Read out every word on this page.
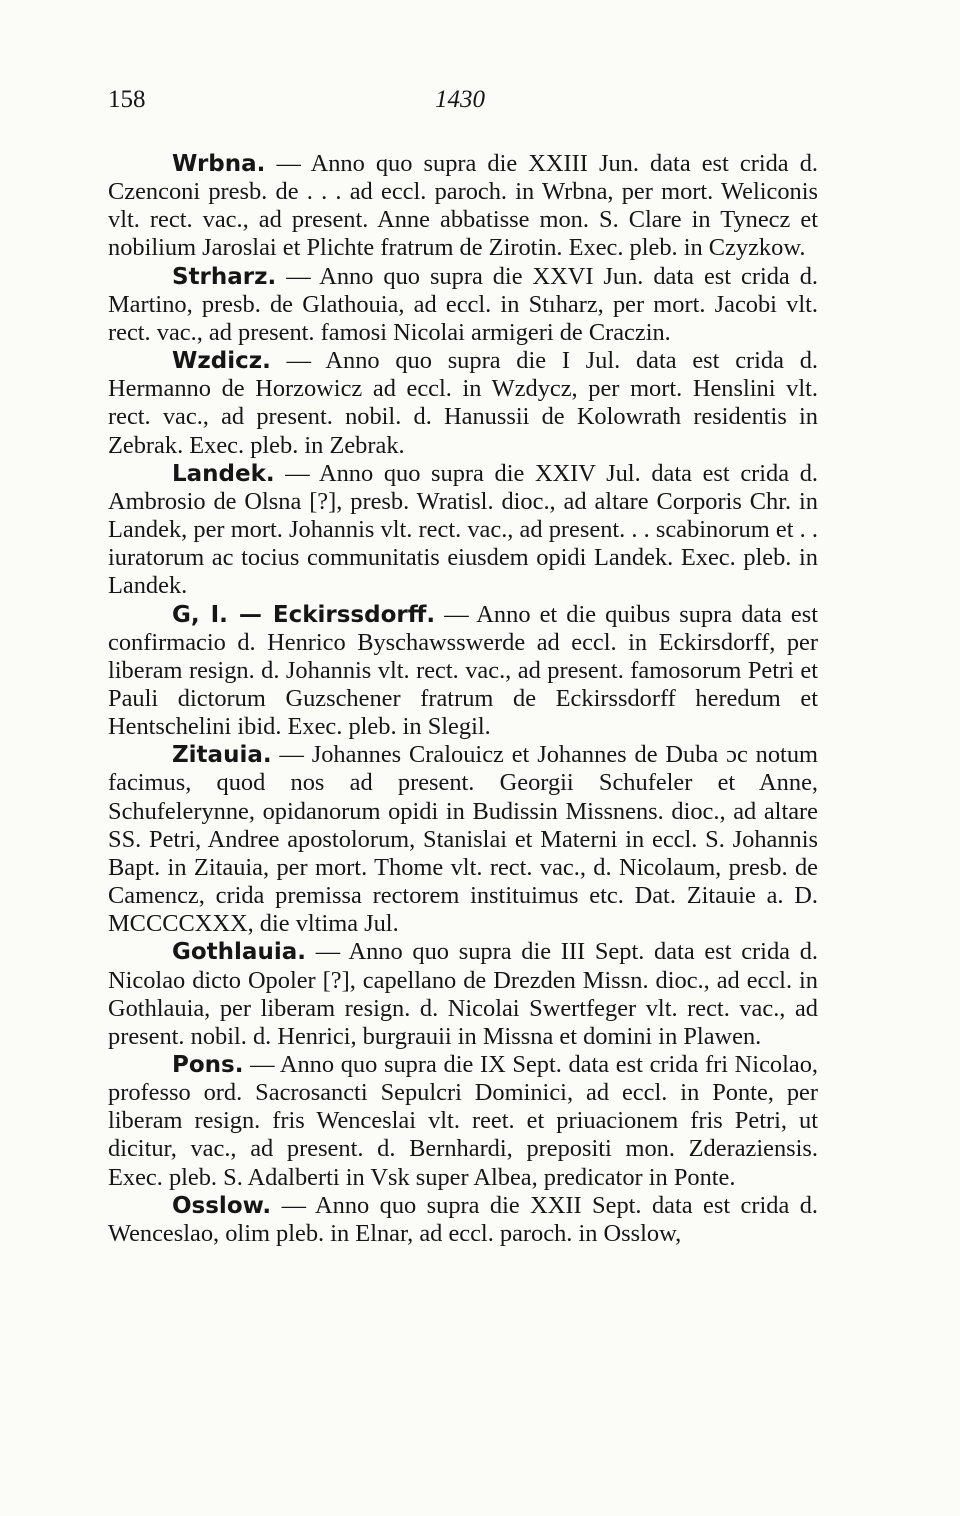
158	1430

Wrbna. — Anno quo supra die XXIII Jun. data est crida d. Czenconi presb. de . . . ad eccl. paroch. in Wrbna, per mort. Weliconis vlt. rect. vac., ad present. Anne abbatisse mon. S. Clare in Tynecz et nobilium Jaroslai et Plichte fratrum de Zirotin. Exec. pleb. in Czyzkow.

Strharz. — Anno quo supra die XXVI Jun. data est crida d. Martino, presb. de Glathouia, ad eccl. in Stıharz, per mort. Jacobi vlt. rect. vac., ad present. famosi Nicolai armigeri de Craczin.

Wzdicz. — Anno quo supra die I Jul. data est crida d. Hermanno de Horzowicz ad eccl. in Wzdycz, per mort. Henslini vlt. rect. vac., ad present. nobil. d. Hanussii de Kolowrath residentis in Zebrak. Exec. pleb. in Zebrak.

Landek. — Anno quo supra die XXIV Jul. data est crida d. Ambrosio de Olsna [?], presb. Wratisl. dioc., ad altare Corporis Chr. in Landek, per mort. Johannis vlt. rect. vac., ad present. . . scabinorum et . . iuratorum ac tocius communitatis eiusdem opidi Landek. Exec. pleb. in Landek.

G, I. — Eckirssdorff. — Anno et die quibus supra data est confirmacio d. Henrico Byschawsswerde ad eccl. in Eckirsdorff, per liberam resign. d. Johannis vlt. rect. vac., ad present. famosorum Petri et Pauli dictorum Guzschener fratrum de Eckirssdorff heredum et Hentschelini ibid. Exec. pleb. in Slegil.

Zitauia. — Johannes Cralouicz et Johannes de Duba ɔc notum facimus, quod nos ad present. Georgii Schufeler et Anne, Schufelerynne, opidanorum opidi in Budissin Missnens. dioc., ad altare SS. Petri, Andree apostolorum, Stanislai et Materni in eccl. S. Johannis Bapt. in Zitauia, per mort. Thome vlt. rect. vac., d. Nicolaum, presb. de Camencz, crida premissa rectorem instituimus etc. Dat. Zitauie a. D. MCCCCXXX, die vltima Jul.

Gothlauia. — Anno quo supra die III Sept. data est crida d. Nicolao dicto Opoler [?], capellano de Drezden Missn. dioc., ad eccl. in Gothlauia, per liberam resign. d. Nicolai Swertfeger vlt. rect. vac., ad present. nobil. d. Henrici, burgrauii in Missna et domini in Plawen.

Pons. — Anno quo supra die IX Sept. data est crida fri Nicolao, professo ord. Sacrosancti Sepulcri Dominici, ad eccl. in Ponte, per liberam resign. fris Wenceslai vlt. reet. et priuacionem fris Petri, ut dicitur, vac., ad present. d. Bernhardi, prepositi mon. Zderaziensis. Exec. pleb. S. Adalberti in Vsk super Albea, predicator in Ponte.

Osslow. — Anno quo supra die XXII Sept. data est crida d. Wenceslao, olim pleb. in Elnar, ad eccl. paroch. in Osslow,
